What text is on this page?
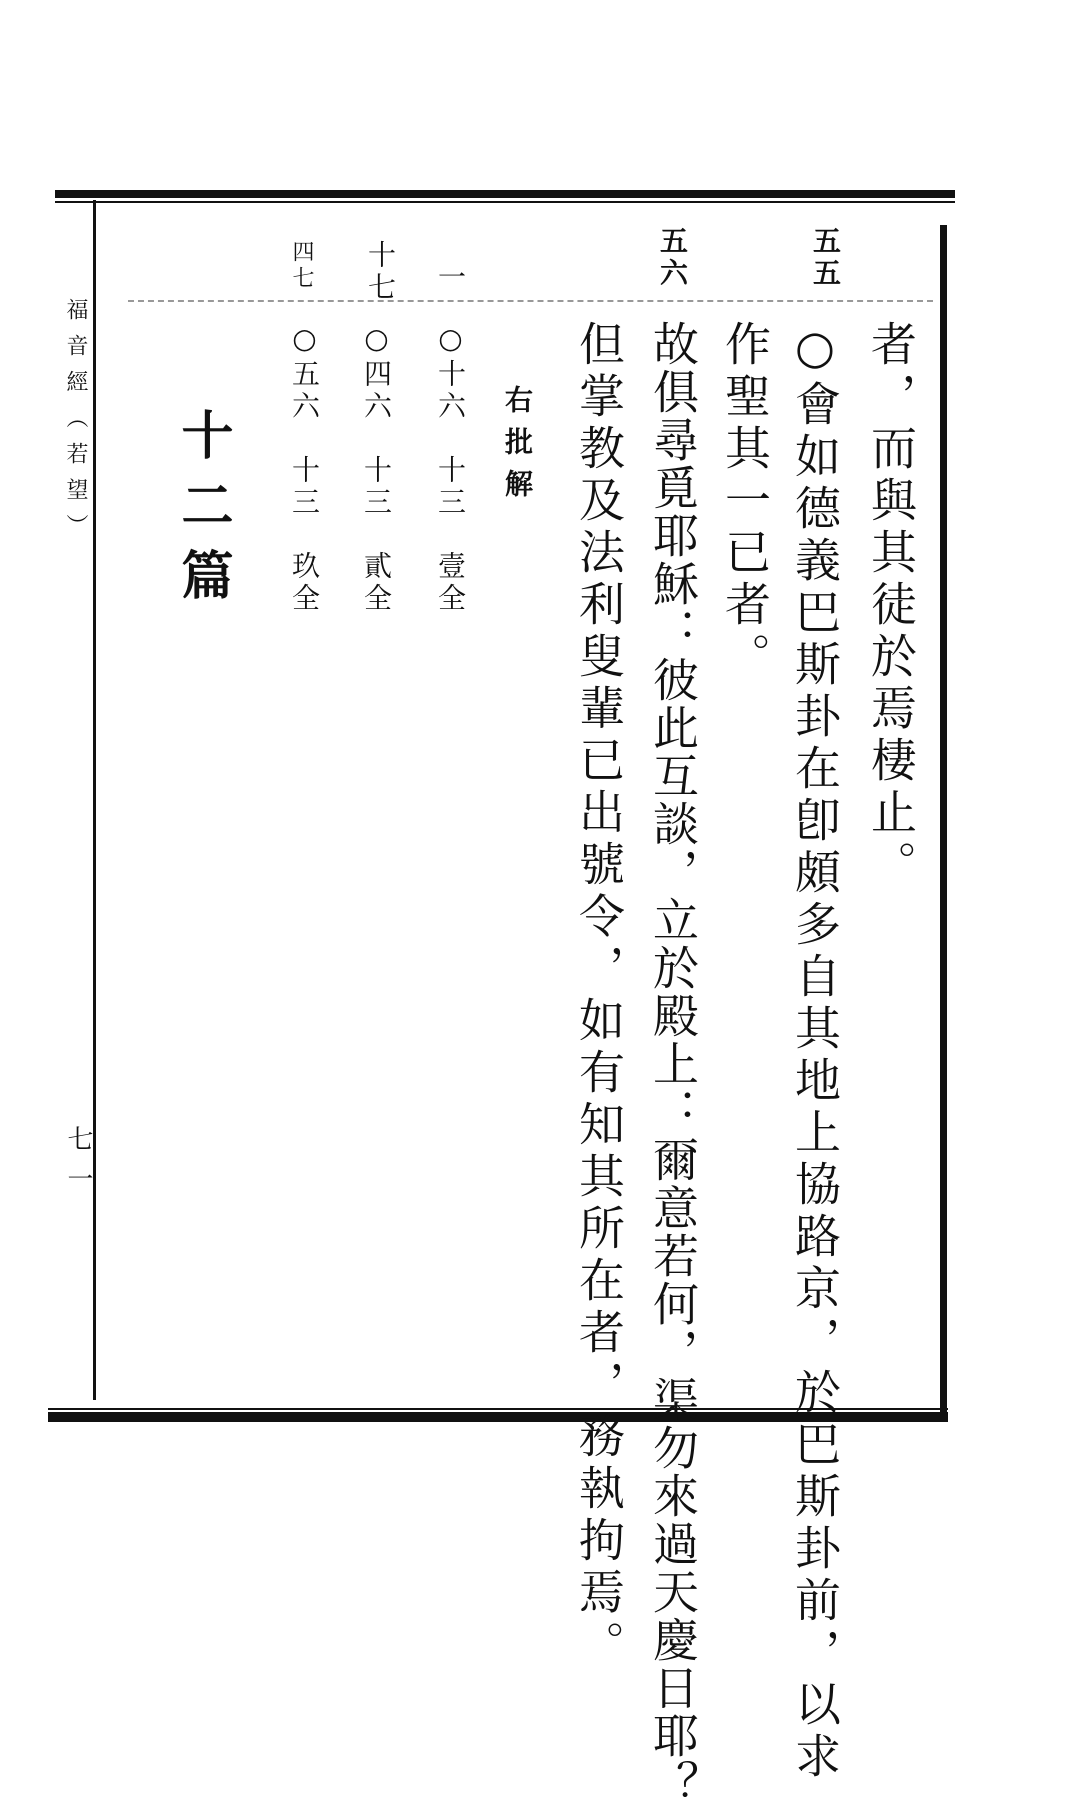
福音經（若望）
七一
五五
五六
一
十七
四七
者，而與其徒於焉棲止。
○會如德義巴斯卦在卽頗多自其地上協路京，於巴斯卦前，以求
作聖其一已者。
故俱尋覓耶穌：彼此互談，立於殿上：爾意若何，渠勿來過天慶日耶？
但掌教及法利叟輩已出號令，如有知其所在者，務執拘焉。
右批解
○十六　十三　壹全
○四六　十三　貳全
○五六　十三　玖全
十二篇
